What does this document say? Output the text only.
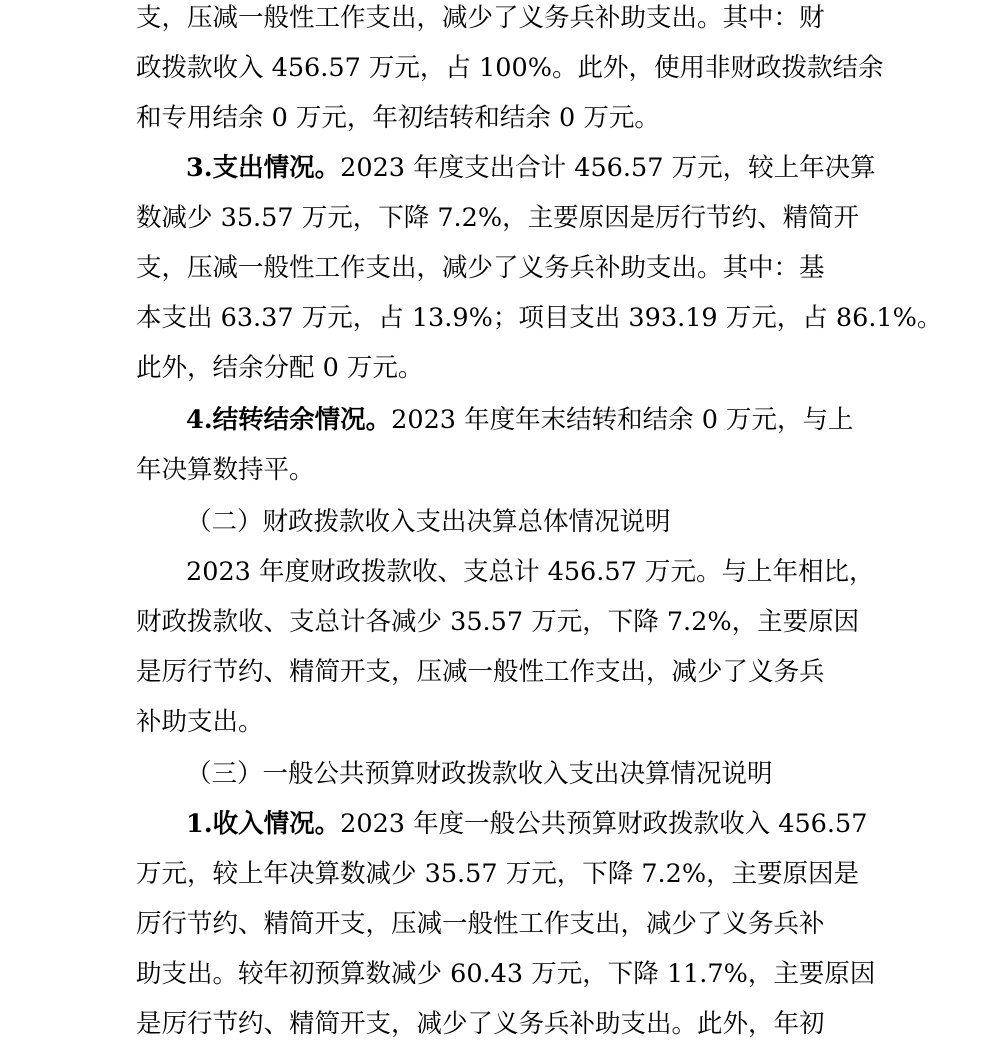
支，压减一般性工作支出，减少了义务兵补助支出。其中：财
政拨款收入 456.57 万元，占 100%。此外，使用非财政拨款结余
和专用结余 0 万元，年初结转和结余 0 万元。
3.支出情况。2023 年度支出合计 456.57 万元，较上年决算
数减少 35.57 万元，下降 7.2%，主要原因是厉行节约、精简开
支，压减一般性工作支出，减少了义务兵补助支出。其中：基
本支出 63.37 万元，占 13.9%；项目支出 393.19 万元，占 86.1%。
此外，结余分配 0 万元。
4.结转结余情况。2023 年度年末结转和结余 0 万元，与上
年决算数持平。
（二）财政拨款收入支出决算总体情况说明
2023 年度财政拨款收、支总计 456.57 万元。与上年相比，
财政拨款收、支总计各减少 35.57 万元，下降 7.2%，主要原因
是厉行节约、精简开支，压减一般性工作支出，减少了义务兵
补助支出。
（三）一般公共预算财政拨款收入支出决算情况说明
1.收入情况。2023 年度一般公共预算财政拨款收入 456.57
万元，较上年决算数减少 35.57 万元，下降 7.2%，主要原因是
厉行节约、精简开支，压减一般性工作支出，减少了义务兵补
助支出。较年初预算数减少 60.43 万元，下降 11.7%，主要原因
是厉行节约、精简开支，减少了义务兵补助支出。此外，年初
